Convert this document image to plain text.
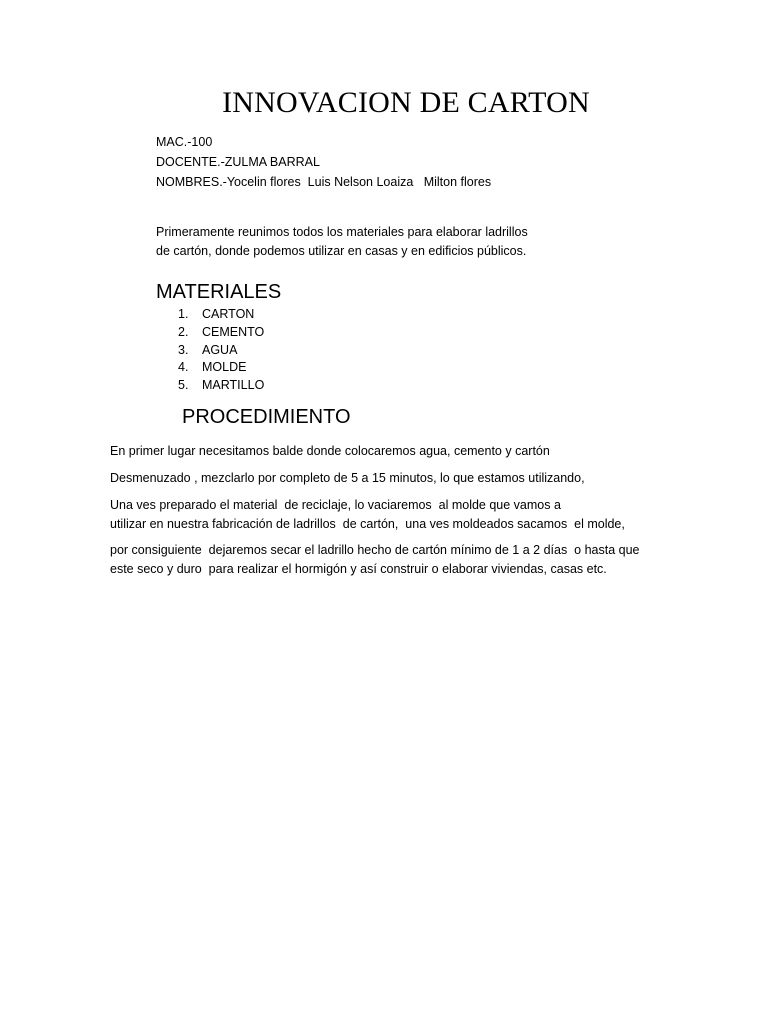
INNOVACION DE CARTON
MAC.-100
DOCENTE.-ZULMA BARRAL
NOMBRES.-Yocelin flores  Luis Nelson Loaiza   Milton flores
Primeramente reunimos todos los materiales para elaborar ladrillos
de cartón, donde podemos utilizar en casas y en edificios públicos.
MATERIALES
1.	CARTON
2.	CEMENTO
3.	AGUA
4.	MOLDE
5.	MARTILLO
PROCEDIMIENTO
En primer lugar necesitamos balde donde colocaremos agua, cemento y cartón
Desmenuzado , mezclarlo por completo de 5 a 15 minutos, lo que estamos utilizando,
Una ves preparado el material  de reciclaje, lo vaciaremos  al molde que vamos a
utilizar en nuestra fabricación de ladrillos  de cartón,  una ves moldeados sacamos  el molde,
por consiguiente  dejaremos secar el ladrillo hecho de cartón mínimo de 1 a 2 días  o hasta que
este seco y duro  para realizar el hormigón y así construir o elaborar viviendas, casas etc.
